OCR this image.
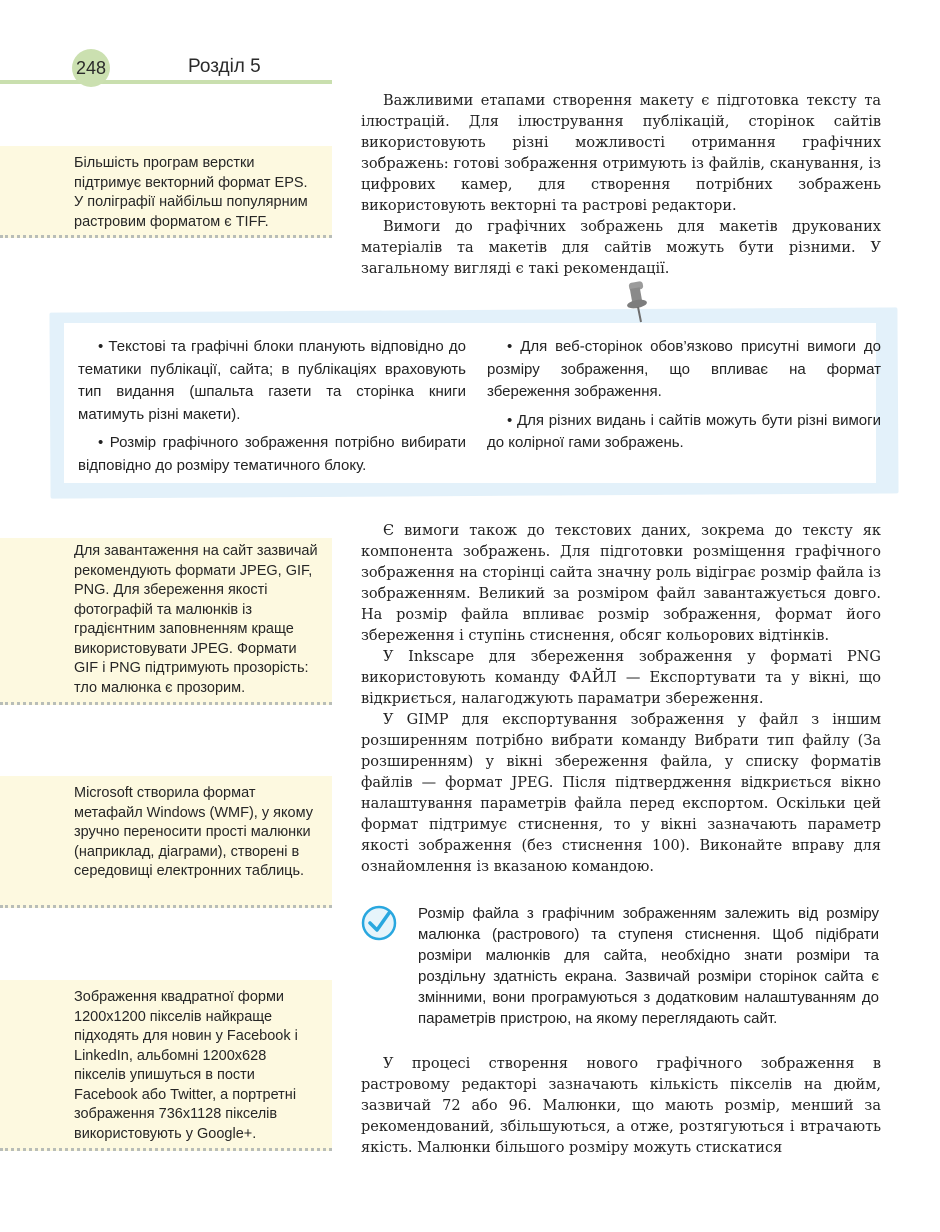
248	Розділ 5
Більшість програм верстки підтримує векторний формат EPS. У поліграфії найбільш популярним растровим форматом є TIFF.
Для завантаження на сайт зазвичай рекомендують формати JPEG, GIF, PNG. Для збереження якості фотографій та малюнків із градієнтним заповненням краще використовувати JPEG. Формати GIF і PNG підтримують прозорість: тло малюнка є прозорим.
Microsoft створила формат метафайл Windows (WMF), у якому зручно переносити прості малюнки (наприклад, діаграми), створені в середовищі електронних таблиць.
Зображення квадратної форми 1200x1200 пікселів найкраще підходять для новин у Facebook і LinkedIn, альбомні 1200x628 пікселів упишуться в пости Facebook або Twitter, а портретні зображення 736x1128 пікселів використовують у Google+.

Важливими етапами створення макету є підготовка тексту та ілюстрацій. Для ілюстрування публікацій, сторінок сайтів використовують різні можливості отримання графічних зображень: готові зображення отримують із файлів, сканування, із цифрових камер, для створення потрібних зображень використовують векторні та растрові редактори.

Вимоги до графічних зображень для макетів друкованих матеріалів та макетів для сайтів можуть бути різними. У загальному вигляді є такі рекомендації.

• Текстові та графічні блоки планують відповідно до тематики публікації, сайта; в публікаціях враховують тип видання (шпальта газети та сторінка книги матимуть різні макети).

• Розмір графічного зображення потрібно вибирати відповідно до розміру тематичного блоку.

• Для веб-сторінок обов’язково присутні вимоги до розміру зображення, що впливає на формат збереження зображення.

• Для різних видань і сайтів можуть бути різні вимоги до колірної гами зображень.

Є вимоги також до текстових даних, зокрема до тексту як компонента зображень. Для підготовки розміщення графічного зображення на сторінці сайта значну роль відіграє розмір файла із зображенням. Великий за розміром файл завантажується довго. На розмір файла впливає розмір зображення, формат його збереження і ступінь стиснення, обсяг кольорових відтінків.

У Inkscape для збереження зображення у форматі PNG використовують команду ФАЙЛ — Експортувати та у вікні, що відкриється, налагоджують параматри збереження.

У GIMP для експортування зображення у файл з іншим розширенням потрібно вибрати команду Вибрати тип файлу (За розширенням) у вікні збереження файла, у списку форматів файлів — формат JPEG. Після підтвердження відкриється вікно налаштування параметрів файла перед експортом. Оскільки цей формат підтримує стиснення, то у вікні зазначають параметр якості зображення (без стиснення 100). Виконайте вправу для ознайомлення із вказаною командою.

Розмір файла з графічним зображенням залежить від розміру малюнка (растрового) та ступеня стиснення. Щоб підібрати розміри малюнків для сайта, необхідно знати розміри та роздільну здатність екрана. Зазвичай розміри сторінок сайта є змінними, вони програмуються з додатковим налаштуванням до параметрів пристрою, на якому переглядають сайт.

У процесі створення нового графічного зображення в растровому редакторі зазначають кількість пікселів на дюйм, зазвичай 72 або 96. Малюнки, що мають розмір, менший за рекомендований, збільшуються, а отже, розтягуються і втрачають якість. Малюнки більшого розміру можуть стискатися
